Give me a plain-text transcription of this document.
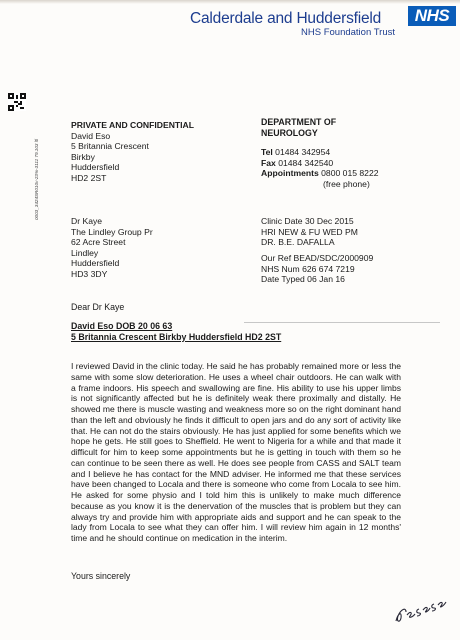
Calderdale and Huddersfield	NHS
NHS Foundation Trust
0003_3424SR010v-23%-3111 79.103 ltl
PRIVATE AND CONFIDENTIAL
David Eso
5 Britannia Crescent
Birkby
Huddersfield
HD2 2ST
DEPARTMENT OF
NEUROLOGY
Tel 01484 342954
Fax 01484 342540
Appointments 0800 015 8222
(free phone)
Dr Kaye
The Lindley Group Pr
62 Acre Street
Lindley
Huddersfield
HD3 3DY
Clinic Date 30 Dec 2015
HRI NEW & FU WED PM
DR. B.E. DAFALLA
Our Ref BEAD/SDC/2000909
NHS Num 626 674 7219
Date Typed 06 Jan 16
Dear Dr Kaye
David Eso DOB 20 06 63
5 Britannia Crescent Birkby Huddersfield HD2 2ST
I reviewed David in the clinic today. He said he has probably remained more or less the same with some slow deterioration. He uses a wheel chair outdoors. He can walk with a frame indoors. His speech and swallowing are fine. His ability to use his upper limbs is not significantly affected but he is definitely weak there proximally and distally. He showed me there is muscle wasting and weakness more so on the right dominant hand than the left and obviously he finds it difficult to open jars and do any sort of activity like that. He can not do the stairs obviously. He has just applied for some benefits which we hope he gets. He still goes to Sheffield. He went to Nigeria for a while and that made it difficult for him to keep some appointments but he is getting in touch with them so he can continue to be seen there as well. He does see people from CASS and SALT team and I believe he has contact for the MND adviser. He informed me that these services have been changed to Locala and there is someone who come from Locala to see him. He asked for some physio and I told him this is unlikely to make much difference because as you know it is the denervation of the muscles that is problem but they can always try and provide him with appropriate aids and support and he can speak to the lady from Locala to see what they can offer him. I will review him again in 12 months' time and he should continue on medication in the interim.
Yours sincerely
